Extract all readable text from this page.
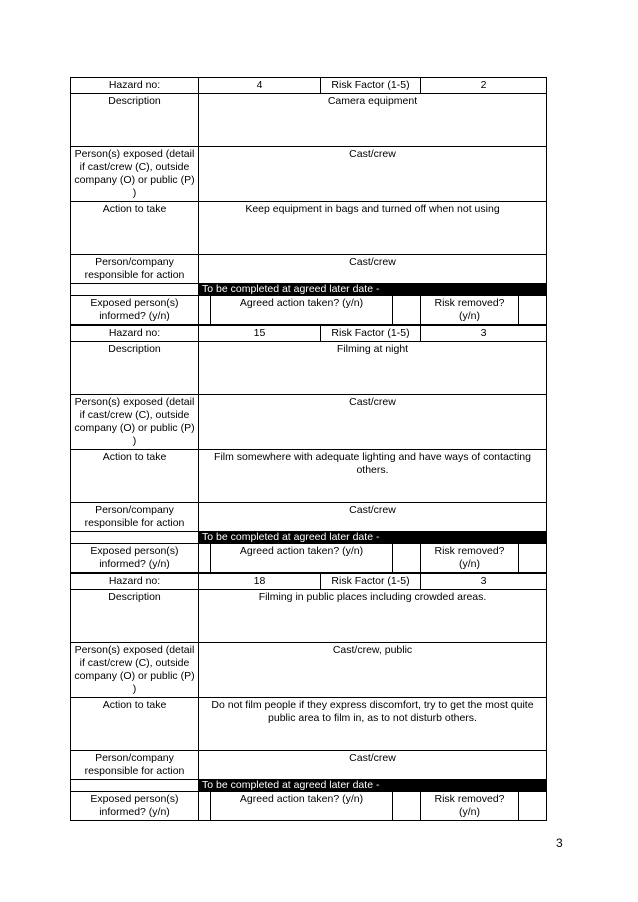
Hazard no:	4		Risk Factor (1-5)		2	
Description	Camera equipment					
Person(s) exposed (detail if cast/crew (C), outside company (O) or public (P) )	Cast/crew					
Action to take	Keep equipment in bags and turned off when not using					
Person/company responsible for action	Cast/crew					
	To be completed at agreed later date -					
Exposed person(s) informed? (y/n)		Agreed action taken? (y/n)			Risk removed? (y/n)	
Hazard no:	15		Risk Factor (1-5)		3	
Description	Filming at night					
Person(s) exposed (detail if cast/crew (C), outside company (O) or public (P) )	Cast/crew					
Action to take	Film somewhere with adequate lighting and have ways of contacting others.					
Person/company responsible for action	Cast/crew					
	To be completed at agreed later date -					
Exposed person(s) informed? (y/n)		Agreed action taken? (y/n)			Risk removed? (y/n)	
Hazard no:	18		Risk Factor (1-5)		3	
Description	Filming in public places including crowded areas.					
Person(s) exposed (detail if cast/crew (C), outside company (O) or public (P) )	Cast/crew, public					
Action to take	Do not film people if they express discomfort, try to get the most quite public area to film in, as to not disturb others.					
Person/company responsible for action	Cast/crew					
	To be completed at agreed later date -					
Exposed person(s) informed? (y/n)		Agreed action taken? (y/n)			Risk removed? (y/n)	
3
